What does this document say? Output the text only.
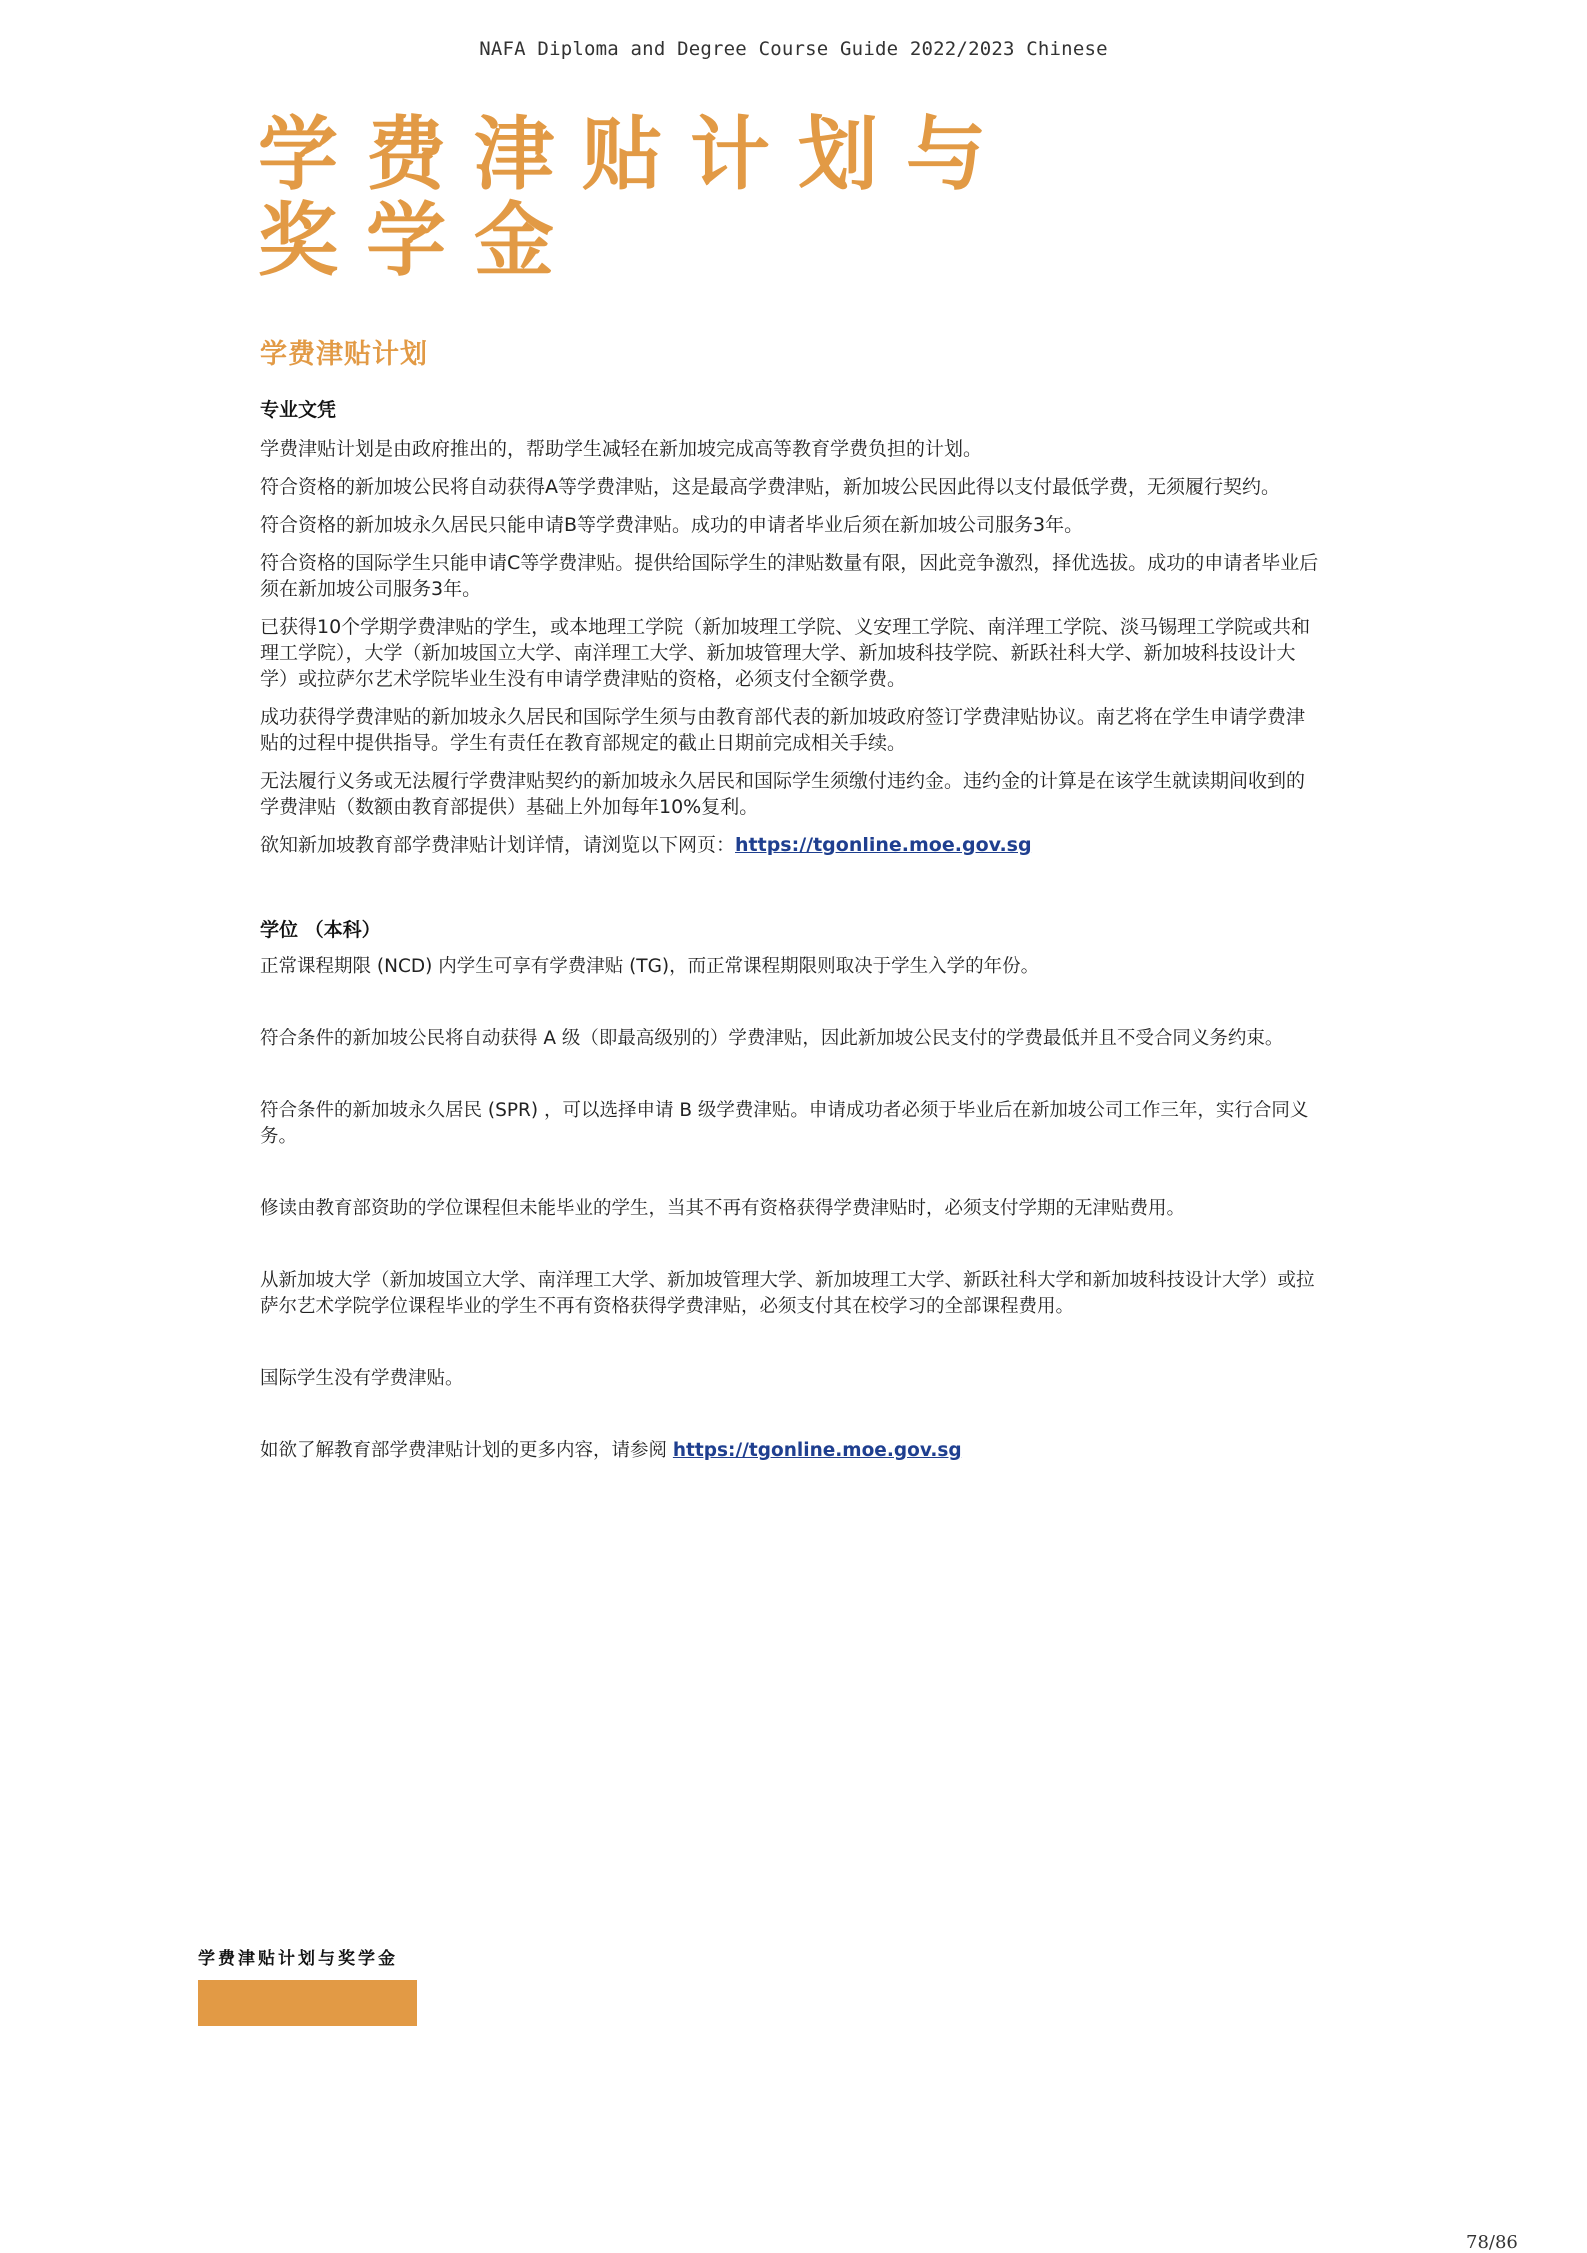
NAFA Diploma and Degree Course Guide 2022/2023 Chinese
学费津贴计划与
奖学金
学费津贴计划
专业文凭

学费津贴计划是由政府推出的，帮助学生减轻在新加坡完成高等教育学费负担的计划。

符合资格的新加坡公民将自动获得A等学费津贴，这是最高学费津贴，新加坡公民因此得以支付最低学费，无须履行契约。

符合资格的新加坡永久居民只能申请B等学费津贴。成功的申请者毕业后须在新加坡公司服务3年。

符合资格的国际学生只能申请C等学费津贴。提供给国际学生的津贴数量有限，因此竞争激烈，择优选拔。成功的申请者毕业后须在新加坡公司服务3年。

已获得10个学期学费津贴的学生，或本地理工学院（新加坡理工学院、义安理工学院、南洋理工学院、淡马锡理工学院或共和理工学院），大学（新加坡国立大学、南洋理工大学、新加坡管理大学、新加坡科技学院、新跃社科大学、新加坡科技设计大学）或拉萨尔艺术学院毕业生没有申请学费津贴的资格，必须支付全额学费。

成功获得学费津贴的新加坡永久居民和国际学生须与由教育部代表的新加坡政府签订学费津贴协议。南艺将在学生申请学费津贴的过程中提供指导。学生有责任在教育部规定的截止日期前完成相关手续。

无法履行义务或无法履行学费津贴契约的新加坡永久居民和国际学生须缴付违约金。违约金的计算是在该学生就读期间收到的学费津贴（数额由教育部提供）基础上外加每年10%复利。

欲知新加坡教育部学费津贴计划详情，请浏览以下网页：https://tgonline.moe.gov.sg

学位 （本科）

正常课程期限 (NCD) 内学生可享有学费津贴 (TG)，而正常课程期限则取决于学生入学的年份。

符合条件的新加坡公民将自动获得 A 级（即最高级别的）学费津贴，因此新加坡公民支付的学费最低并且不受合同义务约束。

符合条件的新加坡永久居民 (SPR) ，可以选择申请 B 级学费津贴。申请成功者必须于毕业后在新加坡公司工作三年，实行合同义务。

修读由教育部资助的学位课程但未能毕业的学生，当其不再有资格获得学费津贴时，必须支付学期的无津贴费用。

从新加坡大学（新加坡国立大学、南洋理工大学、新加坡管理大学、新加坡理工大学、新跃社科大学和新加坡科技设计大学）或拉萨尔艺术学院学位课程毕业的学生不再有资格获得学费津贴，必须支付其在校学习的全部课程费用。

国际学生没有学费津贴。

如欲了解教育部学费津贴计划的更多内容，请参阅 https://tgonline.moe.gov.sg

学费津贴计划与奖学金
78/86
